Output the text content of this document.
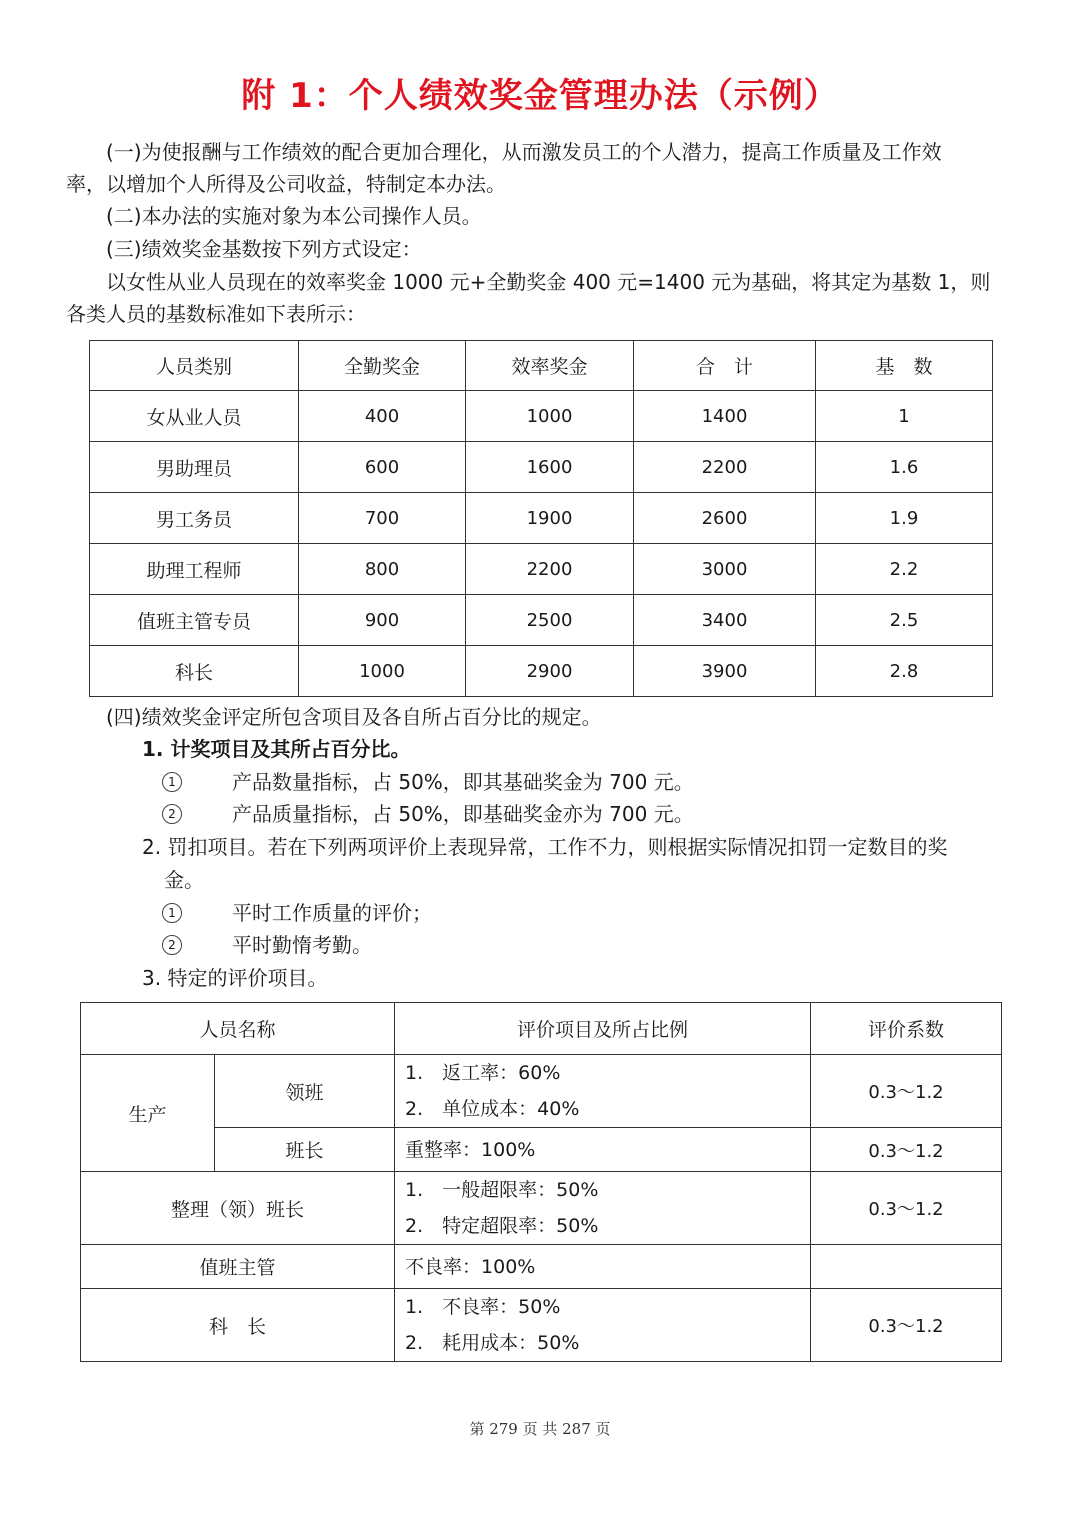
附 1：个人绩效奖金管理办法（示例）
(一)为使报酬与工作绩效的配合更加合理化，从而激发员工的个人潜力，提高工作质量及工作效
率，以增加个人所得及公司收益，特制定本办法。
(二)本办法的实施对象为本公司操作人员。
(三)绩效奖金基数按下列方式设定：
以女性从业人员现在的效率奖金 1000 元+全勤奖金 400 元=1400 元为基础，将其定为基数 1，则
各类人员的基数标准如下表所示：
人员类别	全勤奖金	效率奖金	合　计	基　数
女从业人员	400	1000	1400	1
男助理员	600	1600	2200	1.6
男工务员	700	1900	2600	1.9
助理工程师	800	2200	3000	2.2
值班主管专员	900	2500	3400	2.5
科长	1000	2900	3900	2.8
(四)绩效奖金评定所包含项目及各自所占百分比的规定。
1. 计奖项目及其所占百分比。
1	产品数量指标，占 50%，即其基础奖金为 700 元。
2	产品质量指标，占 50%，即基础奖金亦为 700 元。
2. 罚扣项目。若在下列两项评价上表现异常，工作不力，则根据实际情况扣罚一定数目的奖
金。
1	平时工作质量的评价；
2	平时勤惰考勤。
3. 特定的评价项目。
人员名称		评价项目及所占比例	评价系数
生产	领班	1.　返工率：60%
2.　单位成本：40%	0.3～1.2
	班长	重整率：100%	0.3～1.2
整理（领）班长		1.　一般超限率：50%
2.　特定超限率：50%	0.3～1.2
值班主管		不良率：100%	
科　长		1.　不良率：50%
2.　耗用成本：50%	0.3～1.2
第 279 页 共 287 页
